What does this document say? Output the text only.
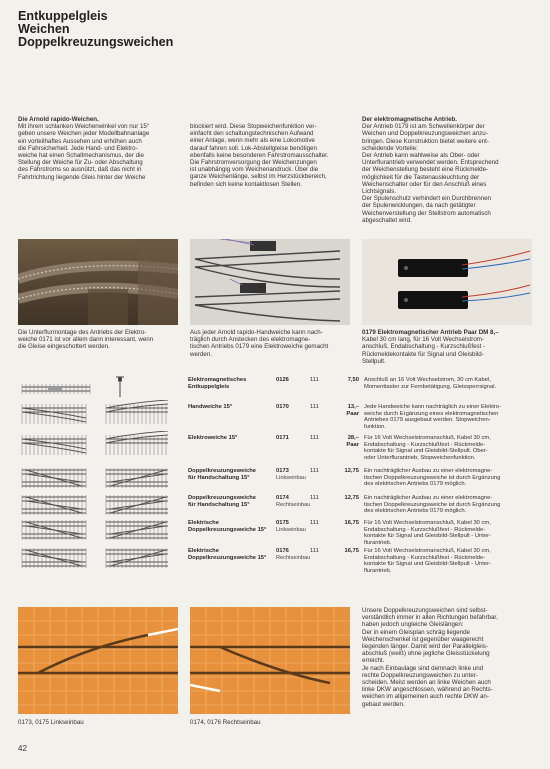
Entkuppelgleis
Weichen
Doppelkreuzungsweichen
Die Arnold rapido-Weichen.
Mit ihrem schlanken Weichenwinkel von nur 15°
geben unsere Weichen jeder Modellbahnanlage
ein vorteilhaftes Aussehen und erhöhen auch
die Fahrsicherheit. Jede Hand- und Elektro-
weiche hat einen Schaltmechanismus, der die
Stellung der Weiche für Zu- oder Abschaltung
des Fahrstroms so ausnützt, daß das nicht in
Fahrtrichtung liegende Gleis hinter der Weiche
blockiert wird. Diese Stopweichenfunktion ver-
einfacht den schaltungstechnischen Aufwand
einer Anlage, wenn mehr als eine Lokomotive
darauf fahren soll. Lok-Abstellgleise benötigen
ebenfalls keine besonderen Fahrstromausschalter.
Die Fahrstromversorgung der Weichenzungen
ist unabhängig vom Weichenandruck. Über die
ganze Weichenlänge, selbst im Herzstückbereich,
befinden sich keine kontaktlosen Stellen.
Der elektromagnetische Antrieb.
Der Antrieb 0179 ist am Schwellenkörper der
Weichen und Doppelkreuzungsweichen anzu-
bringen. Diese Konstruktion bietet weitere ent-
scheidende Vorteile:
Der Antrieb kann wahlweise als Ober- oder
Unterflurantrieb verwendet werden. Entsprechend
der Weichenstellung besteht eine Rückmelde-
möglichkeit für die Tastenausleuchtung der
Weichenschalter oder für den Anschluß eines
Lichtsignals.
Der Spulenschutz verhindert ein Durchbrennen
der Spulenwicklungen, da nach getätigter
Weichenverstellung der Stellstrom automatisch
abgeschaltet wird.
Die Unterflurmontage des Antriebs der Elektro-
weiche 0171 ist vor allem dann interessant, wenn
die Gleise eingeschottert werden.
Aus jeder Arnold rapido-Handweiche kann nach-
träglich durch Anstecken des elektromagne-
tischen Antriebs 0179 eine Elektroweiche gemacht
werden.
0179 Elektromagnetischer Antrieb Paar DM 8,–
Kabel 30 cm lang, für 16 Volt Wechselstrom-
anschluß, Endabschaltung - Kurzschlußfest -
Rückmeldekontakte für Signal und Gleisbild-
Stellpult.
Elektromagnetisches
Entkuppelgleis
0126	111	7,50 Anschluß an 16 Volt Wechselstrom, 30 cm Kabel,
Momenttaster zur Fernbetätigung, Gleissperrsignal.
Handweiche 15°	0170	111	13,–
Paar
Jede Handweiche kann nachträglich zu einer Elektro-
weiche durch Ergänzung eines elektromagnetischen
Antriebes 0179 ausgebaut werden. Stopweichen-
funktion.
Elektroweiche 15°	0171	111	28,–
Paar
Für 16 Volt Wechselstromanschluß, Kabel 30 cm,
Endabschaltung - Kurzschlußfest - Rückmelde-
kontakte für Signal und Gleisbild-Stellpult. Ober-
oder Unterflurantrieb, Stopweichenfunktion.
Doppelkreuzungsweiche
für Handschaltung 15°
0173	111	12,75 Ein nachträglicher Ausbau zu einer elektromagne-
tischen Doppelkreuzungsweiche ist durch Ergänzung
des elektrischen Antriebs 0179 möglich.
Linkseinbau
Doppelkreuzungsweiche
für Handschaltung 15°
0174	111	12,75 Ein nachträglicher Ausbau zu einer elektromagne-
tischen Doppelkreuzungsweiche ist durch Ergänzung
des elektrischen Antriebs 0179 möglich.
Rechtseinbau
Elektrische
Doppelkreuzungsweiche 15°
0175	111	16,75 Für 16 Volt Wechselstromanschluß, Kabel 30 cm,
Endabschaltung - Kurzschlußfest - Rückmelde-
kontakte für Signal und Gleisbild-Stellpult - Unter-
flurantrieb.
Linkseinbau
Elektrische
Doppelkreuzungsweiche 15°
0176	111	16,75 Für 16 Volt Wechselstromanschluß, Kabel 30 cm,
Endabschaltung - Kurzschlußfest - Rückmelde-
kontakte für Signal und Gleisbild-Stellpult - Unter-
flurantrieb.
Rechtseinbau
0173, 0175 Linkseinbau	0174, 0176 Rechtseinbau
Unsere Doppelkreuzungsweichen sind selbst-
verständlich immer in allen Richtungen befahrbar,
haben jedoch ungleiche Gleislängen:
Der in einem Gleisplan schräg liegende
Weichenschenkel ist gegenüber waagerecht
liegenden länger. Damit wird der Parallelgleis-
abschluß (weiß) ohne jegliche Gleisstückelung
erreicht.
Je nach Einbaulage sind demnach linke und
rechte Doppelkreuzungsweichen zu unter-
scheiden. Meist werden an linke Weichen auch
linke DKW angeschlossen, während an Rechts-
weichen im allgemeinen auch rechte DKW an-
gebaut werden.
42
